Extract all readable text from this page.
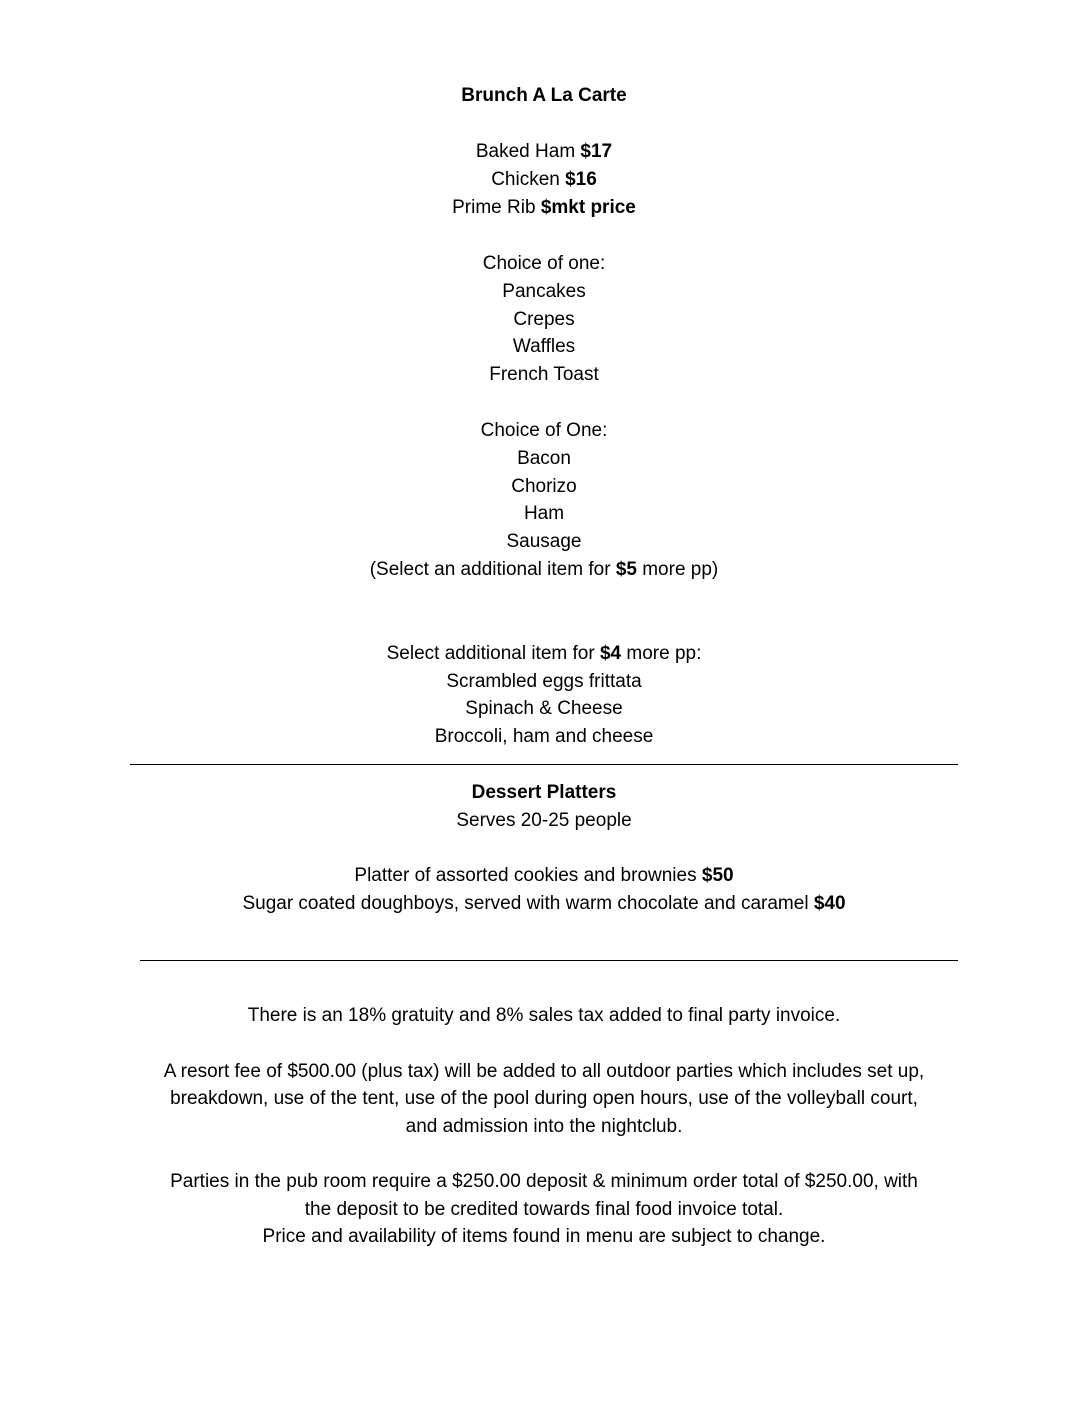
Brunch A La Carte
Baked Ham $17
Chicken $16
Prime Rib $mkt price
Choice of one:
Pancakes
Crepes
Waffles
French Toast
Choice of One:
Bacon
Chorizo
Ham
Sausage
(Select an additional item for $5 more pp)
Select additional item for $4 more pp:
Scrambled eggs frittata
Spinach & Cheese
Broccoli, ham and cheese
Dessert Platters
Serves 20-25 people
Platter of assorted cookies and brownies $50
Sugar coated doughboys, served with warm chocolate and caramel $40
There is an 18% gratuity and 8% sales tax added to final party invoice.
A resort fee of $500.00 (plus tax) will be added to all outdoor parties which includes set up,
breakdown, use of the tent, use of the pool during open hours, use of the volleyball court,
and admission into the nightclub.
Parties in the pub room require a $250.00 deposit & minimum order total of $250.00, with
the deposit to be credited towards final food invoice total.
Price and availability of items found in menu are subject to change.
